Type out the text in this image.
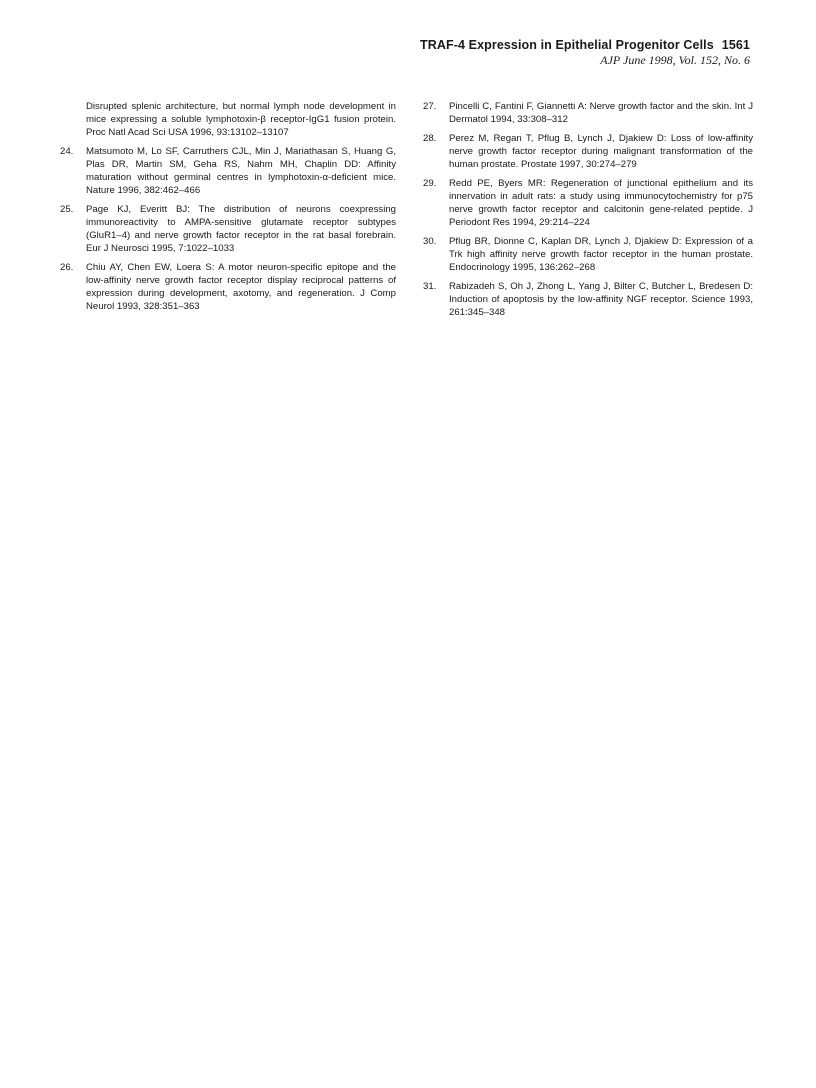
TRAF-4 Expression in Epithelial Progenitor Cells 1561
AJP June 1998, Vol. 152, No. 6
Disrupted splenic architecture, but normal lymph node development in mice expressing a soluble lymphotoxin-β receptor-IgG1 fusion protein. Proc Natl Acad Sci USA 1996, 93:13102–13107
24.	Matsumoto M, Lo SF, Carruthers CJL, Min J, Mariathasan S, Huang G, Plas DR, Martin SM, Geha RS, Nahm MH, Chaplin DD: Affinity maturation without germinal centres in lymphotoxin-α-deficient mice. Nature 1996, 382:462–466
25.	Page KJ, Everitt BJ: The distribution of neurons coexpressing immunoreactivity to AMPA-sensitive glutamate receptor subtypes (GluR1–4) and nerve growth factor receptor in the rat basal forebrain. Eur J Neurosci 1995, 7:1022–1033
26.	Chiu AY, Chen EW, Loera S: A motor neuron-specific epitope and the low-affinity nerve growth factor receptor display reciprocal patterns of expression during development, axotomy, and regeneration. J Comp Neurol 1993, 328:351–363
27.	Pincelli C, Fantini F, Giannetti A: Nerve growth factor and the skin. Int J Dermatol 1994, 33:308–312
28.	Perez M, Regan T, Pflug B, Lynch J, Djakiew D: Loss of low-affinity nerve growth factor receptor during malignant transformation of the human prostate. Prostate 1997, 30:274–279
29.	Redd PE, Byers MR: Regeneration of junctional epithelium and its innervation in adult rats: a study using immunocytochemistry for p75 nerve growth factor receptor and calcitonin gene-related peptide. J Periodont Res 1994, 29:214–224
30.	Pflug BR, Dionne C, Kaplan DR, Lynch J, Djakiew D: Expression of a Trk high affinity nerve growth factor receptor in the human prostate. Endocrinology 1995, 136:262–268
31.	Rabizadeh S, Oh J, Zhong L, Yang J, Bilter C, Butcher L, Bredesen D: Induction of apoptosis by the low-affinity NGF receptor. Science 1993, 261:345–348
